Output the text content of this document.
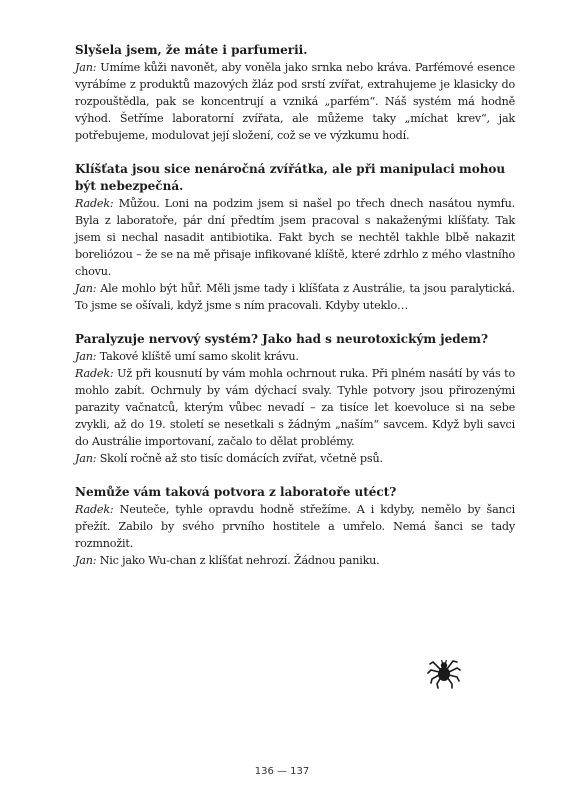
Slyšela jsem, že máte i parfumerii.

Jan: Umíme kůži navonět, aby voněla jako srnka nebo kráva. Parfémové esence vyrábíme z produktů mazových žláz pod srstí zvířat, extrahujeme je klasicky do rozpouštědla, pak se koncentrují a vzniká „parfém“. Náš systém má hodně výhod. Šetříme laboratorní zvířata, ale můžeme taky „míchat krev“, jak potřebujeme, modulovat její složení, což se ve výzkumu hodí.

Klíšťata jsou sice nenáročná zvířátka, ale při manipulaci mohou být nebezpečná.

Radek: Můžou. Loni na podzim jsem si našel po třech dnech nasátou nymfu. Byla z laboratoře, pár dní předtím jsem pracoval s nakaženými klíšťaty. Tak jsem si nechal nasadit antibiotika. Fakt bych se nechtěl takhle blbě nakazit boreliózou – že se na mě přisaje infikované klíště, které zdrhlo z mého vlastního chovu.

Jan: Ale mohlo být hůř. Měli jsme tady i klíšťata z Austrálie, ta jsou paralytická. To jsme se ošívali, když jsme s ním pracovali. Kdyby uteklo…

Paralyzuje nervový systém? Jako had s neurotoxickým jedem?

Jan: Takové klíště umí samo skolit krávu.

Radek: Už při kousnutí by vám mohla ochrnout ruka. Při plném nasátí by vás to mohlo zabít. Ochrnuly by vám dýchací svaly. Tyhle potvory jsou přirozenými parazity vačnatců, kterým vůbec nevadí – za tisíce let koevoluce si na sebe zvykli, až do 19. století se nesetkali s žádným „naším“ savcem. Když byli savci do Austrálie importovaní, začalo to dělat problémy.

Jan: Skolí ročně až sto tisíc domácích zvířat, včetně psů.

Nemůže vám taková potvora z laboratoře utéct?

Radek: Neuteče, tyhle opravdu hodně střežíme. A i kdyby, nemělo by šanci přežít. Zabilo by svého prvního hostitele a umřelo. Nemá šanci se tady rozmnožit.

Jan: Nic jako Wu-chan z klíšťat nehrozí. Žádnou paniku.

136 — 137
